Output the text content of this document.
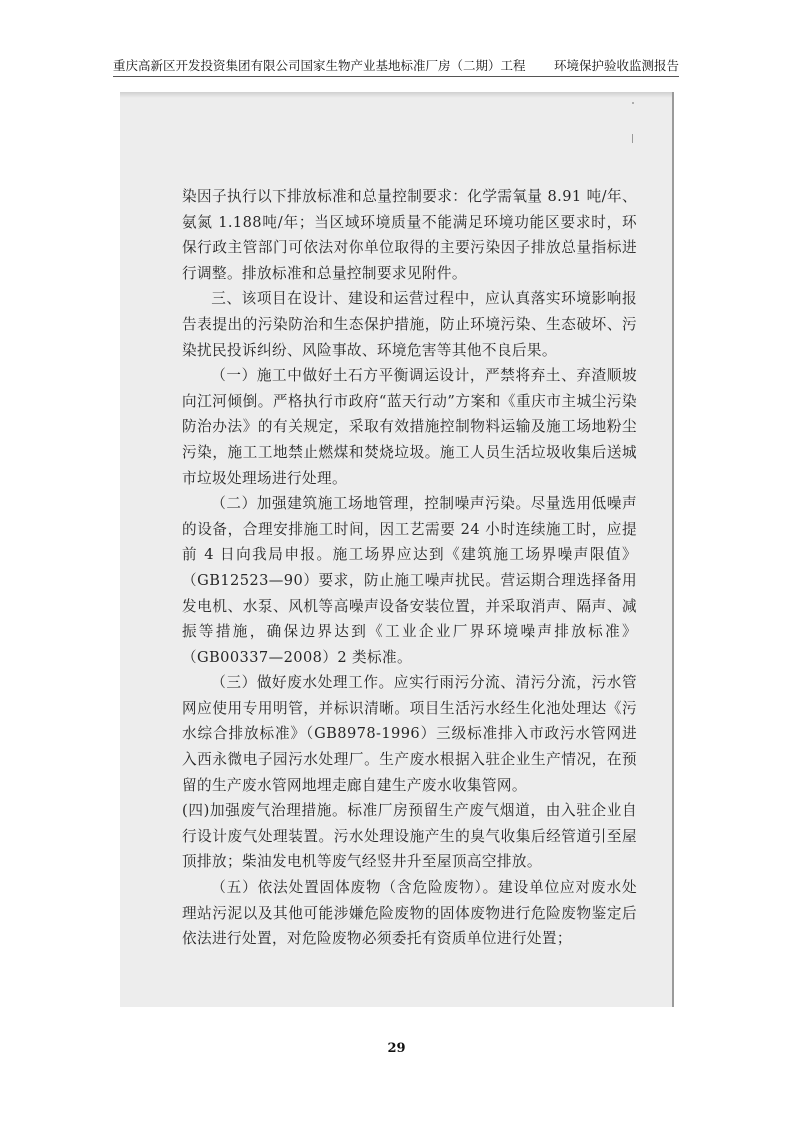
重庆高新区开发投资集团有限公司国家生物产业基地标准厂房（二期）工程 环境保护验收监测报告

染因子执行以下排放标准和总量控制要求：化学需氧量 8.91 吨/年、氨氮 1.188吨/年；当区域环境质量不能满足环境功能区要求时，环保行政主管部门可依法对你单位取得的主要污染因子排放总量指标进行调整。排放标准和总量控制要求见附件。

三、该项目在设计、建设和运营过程中，应认真落实环境影响报告表提出的污染防治和生态保护措施，防止环境污染、生态破坏、污染扰民投诉纠纷、风险事故、环境危害等其他不良后果。

（一）施工中做好土石方平衡调运设计，严禁将弃土、弃渣顺坡向江河倾倒。严格执行市政府“蓝天行动”方案和《重庆市主城尘污染防治办法》的有关规定，采取有效措施控制物料运输及施工场地粉尘污染，施工工地禁止燃煤和焚烧垃圾。施工人员生活垃圾收集后送城市垃圾处理场进行处理。

（二）加强建筑施工场地管理，控制噪声污染。尽量选用低噪声的设备，合理安排施工时间，因工艺需要 24 小时连续施工时，应提前 4 日向我局申报。施工场界应达到《建筑施工场界噪声限值》（GB12523—90）要求，防止施工噪声扰民。营运期合理选择备用发电机、水泵、风机等高噪声设备安装位置，并采取消声、隔声、减振等措施，确保边界达到《工业企业厂界环境噪声排放标准》（GB00337—2008）2 类标准。

（三）做好废水处理工作。应实行雨污分流、清污分流，污水管网应使用专用明管，并标识清晰。项目生活污水经生化池处理达《污水综合排放标准》（GB8978-1996）三级标准排入市政污水管网进入西永微电子园污水处理厂。生产废水根据入驻企业生产情况，在预留的生产废水管网地埋走廊自建生产废水收集管网。

(四)加强废气治理措施。标准厂房预留生产废气烟道，由入驻企业自行设计废气处理装置。污水处理设施产生的臭气收集后经管道引至屋顶排放；柴油发电机等废气经竖井升至屋顶高空排放。

（五）依法处置固体废物（含危险废物）。建设单位应对废水处理站污泥以及其他可能涉嫌危险废物的固体废物进行危险废物鉴定后依法进行处置，对危险废物必须委托有资质单位进行处置；

29
